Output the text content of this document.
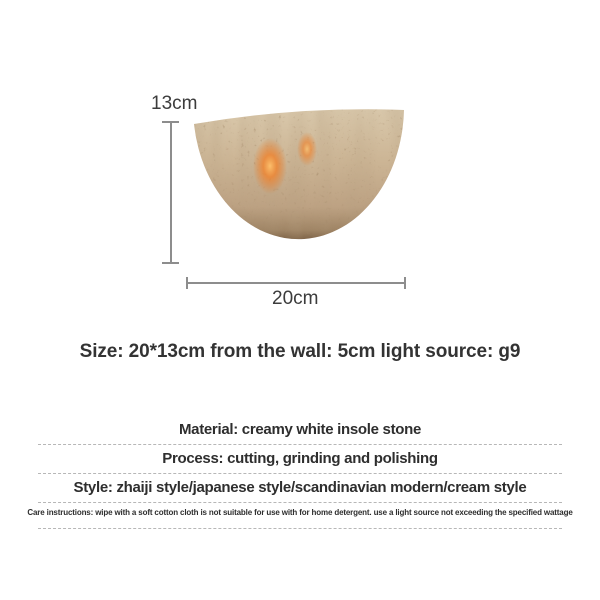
13cm
20cm
Size: 20*13cm from the wall: 5cm light source: g9
Material: creamy white insole stone
Process: cutting, grinding and polishing
Style: zhaiji style/japanese style/scandinavian modern/cream style
Care instructions: wipe with a soft cotton cloth is not suitable for use with for home detergent. use a light source not exceeding the specified wattage
